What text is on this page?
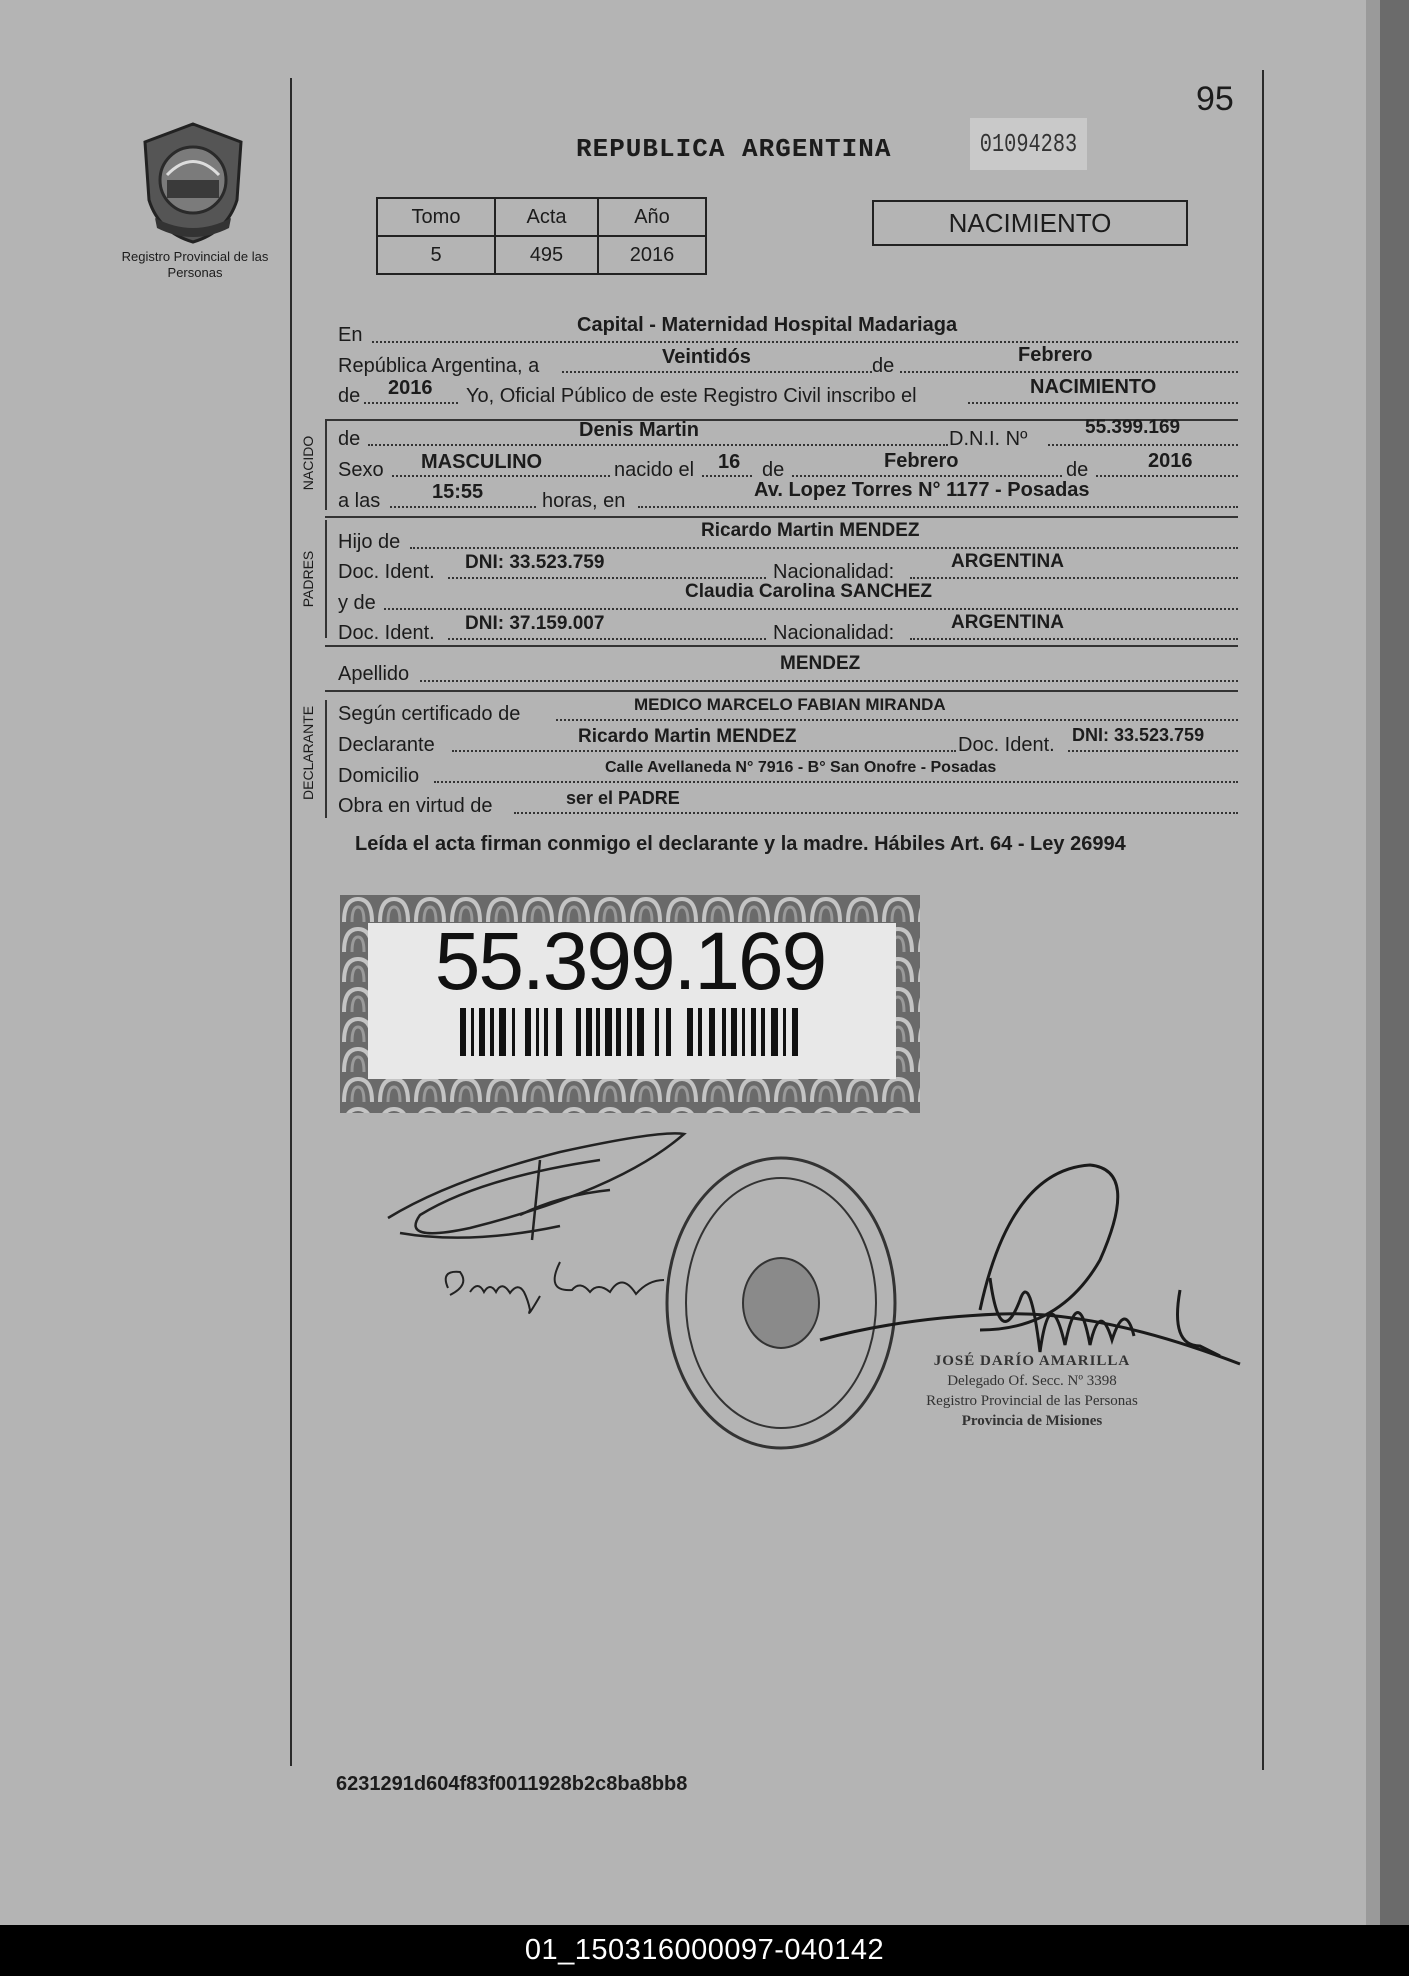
95
Registro Provincial de las Personas
REPUBLICA ARGENTINA	01094283
Tomo	Acta	Año
5	495	2016
NACIMIENTO
En	Capital - Maternidad Hospital Madariaga
República Argentina, a	Veintidós	de	Febrero
de 2016 Yo, Oficial Público de este Registro Civil inscribo el	NACIMIENTO
NACIDO de	Denis Martin	D.N.I. Nº
55.399.169
Sexo MASCULINO	nacido el 16 de	Febrero	de	2016
a las	15:55	horas, en	Av. Lopez Torres N° 1177 - Posadas
PADRES
Hijo de
Ricardo Martin MENDEZ
Doc. Ident. DNI: 33.523.759	Nacionalidad:	ARGENTINA
y de
Claudia Carolina SANCHEZ
Doc. Ident. DNI: 37.159.007	Nacionalidad:	ARGENTINA
Apellido	MENDEZ
DECLARANTE Según certificado de	MEDICO MARCELO FABIAN MIRANDA
Declarante	Ricardo Martin MENDEZ	Doc. Ident. DNI: 33.523.759
Domicilio	Calle Avellaneda N° 7916 - B° San Onofre - Posadas
Obra en virtud de	ser el PADRE
Leída el acta firman conmigo el declarante y la madre. Hábiles Art. 64 - Ley 26994
55.399.169
JOSÉ DARÍO AMARILLA
Delegado Of. Secc. Nº 3398
Registro Provincial de las Personas
Provincia de Misiones
6231291d604f83f0011928b2c8ba8bb8
01_150316000097-040142
